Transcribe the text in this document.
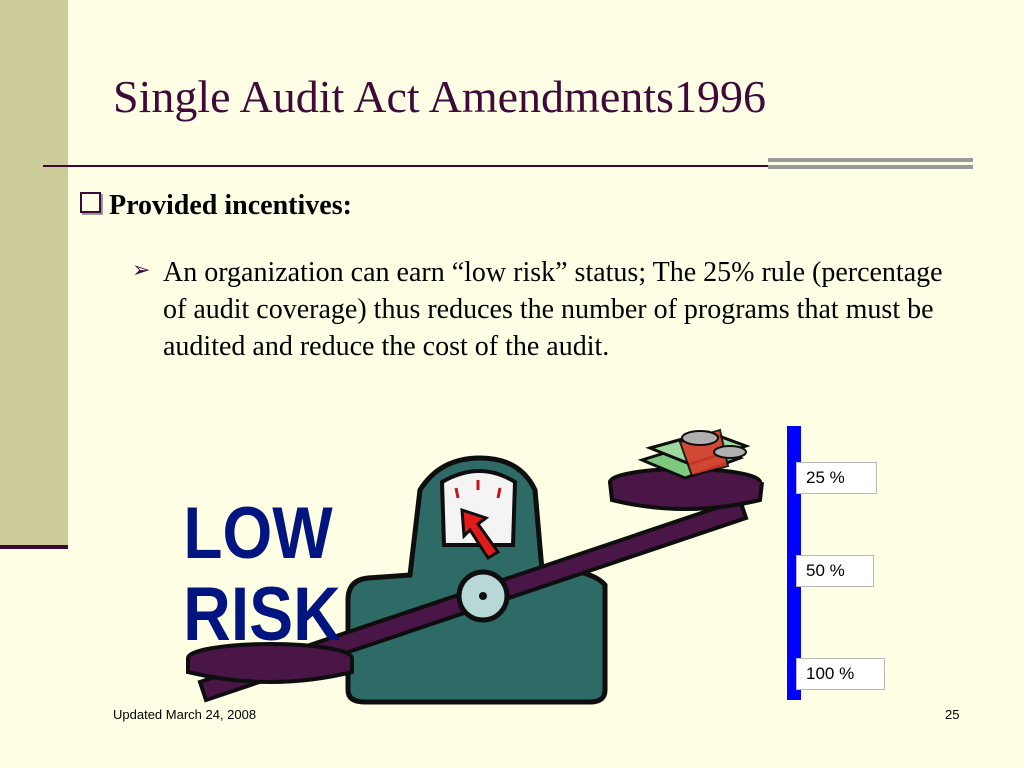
Single Audit Act Amendments1996
Provided incentives:
➢ An organization can earn “low risk” status; The 25% rule (percentage of audit coverage) thus reduces the number of programs that must be audited and reduce the cost of the audit.
LOW
RISK
25 %
50 %
100 %
Updated March 24, 2008	25
